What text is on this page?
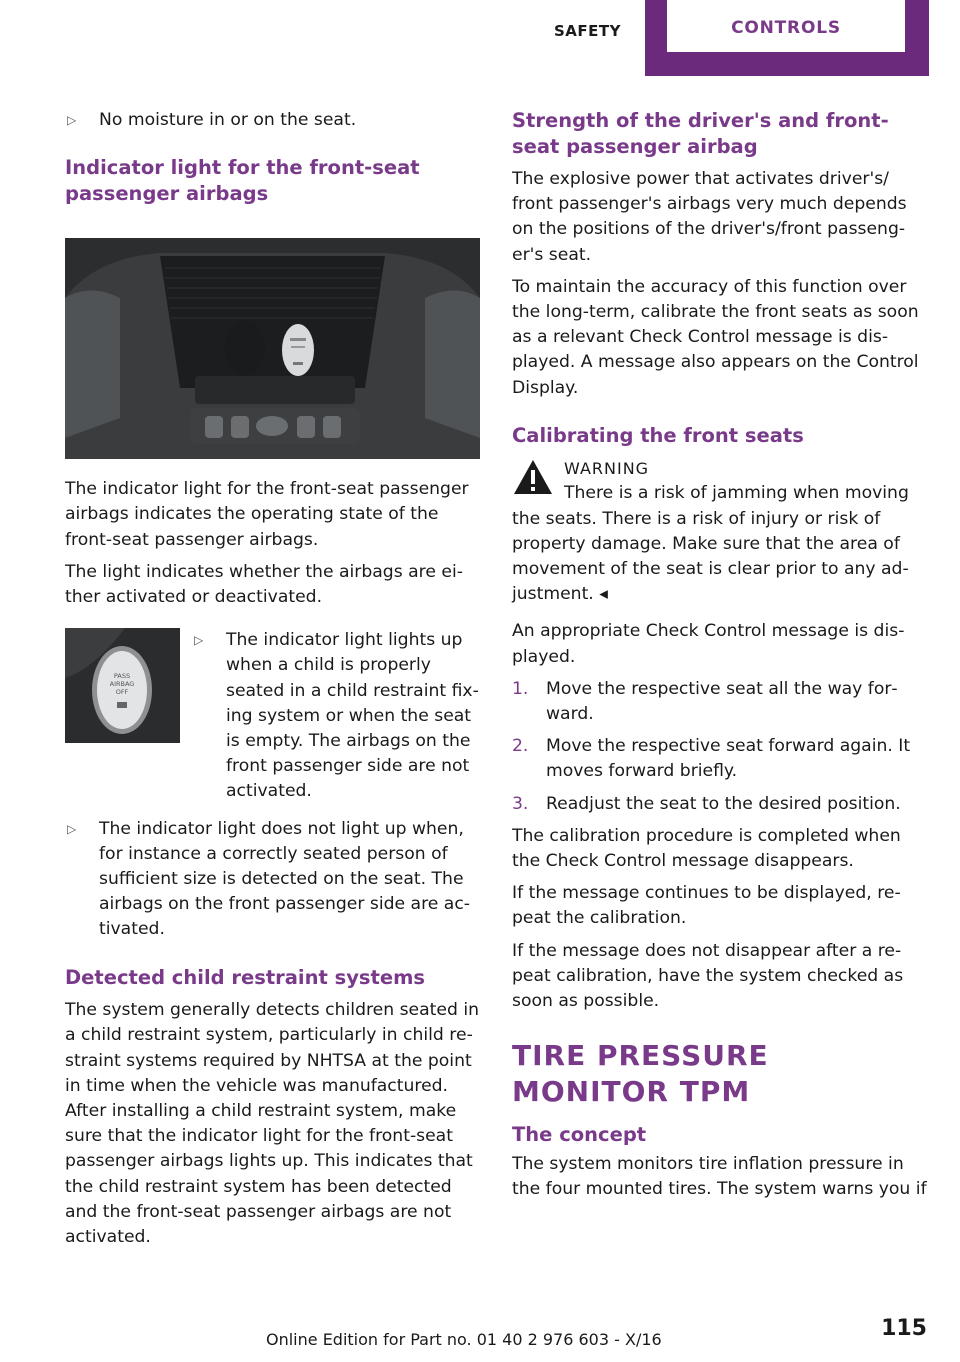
SAFETY	CONTROLS
▷ No moisture in or on the seat.
Indicator light for the front-seat passenger airbags

The indicator light for the front-seat passenger airbags indicates the operating state of the front-seat passenger airbags.

The light indicates whether the airbags are ei‐ther activated or deactivated.

PASS
AIRBAG
OFF
▷ The indicator light lights up when a child is properly seated in a child restraint fix‐ing system or when the seat is empty. The airbags on the front passenger side are not activated.
▷ The indicator light does not light up when, for instance a correctly seated person of sufficient size is detected on the seat. The airbags on the front passenger side are ac‐tivated.
Detected child restraint systems

The system generally detects children seated in a child restraint system, particularly in child re‐straint systems required by NHTSA at the point in time when the vehicle was manufactured. After installing a child restraint system, make sure that the indicator light for the front-seat passenger airbags lights up. This indicates that the child restraint system has been detected and the front-seat passenger airbags are not activated.

Strength of the driver's and front-seat passenger airbag

The explosive power that activates driver's/ front passenger's airbags very much depends on the positions of the driver's/front passeng‐er's seat.

To maintain the accuracy of this function over the long-term, calibrate the front seats as soon as a relevant Check Control message is dis‐played. A message also appears on the Control Display.

Calibrating the front seats
WARNING
There is a risk of jamming when moving the seats. There is a risk of injury or risk of property damage. Make sure that the area of movement of the seat is clear prior to any ad‐justment. ◂

An appropriate Check Control message is dis‐played.

1. Move the respective seat all the way for‐ward.
2. Move the respective seat forward again. It moves forward briefly.
3. Readjust the seat to the desired position.

The calibration procedure is completed when the Check Control message disappears.

If the message continues to be displayed, re‐peat the calibration.

If the message does not disappear after a re‐peat calibration, have the system checked as soon as possible.

TIRE PRESSURE MONITOR TPM
The concept

The system monitors tire inflation pressure in the four mounted tires. The system warns you if

Online Edition for Part no. 01 40 2 976 603 - X/16	115
